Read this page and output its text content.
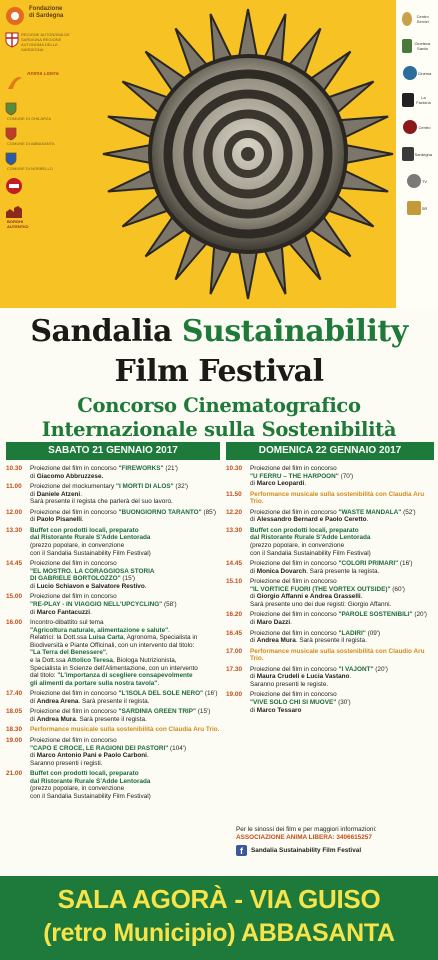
Fondazione
di Sardegna
REGIONE AUTONOMA DE SARDIGNA REGIONE AUTONOMA DELLA SARDEGNA
Anima Libera
COMUNE DI GHILARZA
COMUNE DI ABBASANTA
COMUNE DI NORBELLO
BORGHI AUTENTICI
Centro Servizi
Cineteca Sarda
Cinema
La Factoria
Centro
Sardegna
TV
SR
Sandalia Sustainability
Film Festival
Concorso Cinematografico
Internazionale sulla Sostenibilità
SABATO 21 GENNAIO 2017	DOMENICA 22 GENNAIO 2017
10.30	Proiezione del film in concorso "FIREWORKS" (21')
di Giacomo Abbruzzese.
11.00	Proiezione del mockumentary "I MORTI DI ALOS" (32')
di Daniele Atzeni.
Sarà presente il regista che parlerà del suo lavoro.
12.00	Proiezione del film in concorso "BUONGIORNO TARANTO" (85')
di Paolo Pisanelli.
13.30	Buffet con prodotti locali, preparato
dal Ristorante Rurale S'Adde Lentorada
(prezzo popolare, in convenzione
con il Sandalia Sustainability Film Festival)
14.45	Proiezione del film in concorso
"EL MOSTRO. LA CORAGGIOSA STORIA
DI GABRIELE BORTOLOZZO" (15')
di Lucio Schiavon e Salvatore Restivo.
15.00	Proiezione del film in concorso
"RE-PLAY - IN VIAGGIO NELL'UPCYCLING" (58')
di Marco Fantacuzzi.
16.00	Incontro-dibattito sul tema
"Agricoltura naturale, alimentazione e salute".
Relatrici: la Dott.ssa Luisa Carta, Agronoma, Specialista in
Biodiversità e Piante Officinali, con un intervento dal titolo:
"La Terra del Benessere",
e la Dott.ssa Attolico Teresa, Biologa Nutrizionista,
Specialista in Scienze dell'Alimentazione, con un intervento
dal titolo: "L'importanza di scegliere consapevolmente
gli alimenti da portare sulla nostra tavola".
17.40	Proiezione del film in concorso "L'ISOLA DEL SOLE NERO" (16')
di Andrea Arena. Sarà presente il regista.
18.05	Proiezione del film in concorso "SARDINIA GREEN TRIP" (15')
di Andrea Mura. Sarà presente il regista.
18.30	Performance musicale sulla sostenibilità con Claudia Aru Trio.
19.00	Proiezione del film in concorso
"CAPO E CROCE, LE RAGIONI DEI PASTORI" (104')
di Marco Antonio Pani e Paolo Carboni.
Saranno presenti i registi.
21.00	Buffet con prodotti locali, preparato
dal Ristorante Rurale S'Adde Lentorada
(prezzo popolare, in convenzione
con il Sandalia Sustainability Film Festival)
10.30	Proiezione del film in concorso
"U FERRU – THE HARPOON" (70')
di Marco Leopardi.
11.50	Performance musicale sulla sostenibilità con Claudia Aru Trio.
12.20	Proiezione del film in concorso "WASTE MANDALA" (52')
di Alessandro Bernard e Paolo Ceretto.
13.30	Buffet con prodotti locali, preparato
dal Ristorante Rurale S'Adde Lentorada
(prezzo popolare, in convenzione
con il Sandalia Sustainability Film Festival)
14.45	Proiezione del film in concorso "COLORI PRIMARI" (16')
di Monica Dovarch. Sarà presente la regista.
15.10	Proiezione del film in concorso
"IL VORTICE FUORI (THE VORTEX OUTSIDE)" (60')
di Giorgio Affanni e Andrea Grasselli.
Sarà presente uno dei due registi: Giorgio Affanni.
16.20	Proiezione del film in concorso "PAROLE SOSTENIBILI" (20')
di Maro Dazzi.
16.45	Proiezione del film in concorso "LADIRI" (09')
di Andrea Mura. Sarà presente il regista.
17.00	Performance musicale sulla sostenibilità con Claudio Aru Trio.
17.30	Proiezione del film in concorso "I VAJONT" (20')
di Maura Crudeli e Lucia Vastano.
Saranno presenti le registe.
19.00	Proiezione del film in concorso
"VIVE SOLO CHI SI MUOVE" (30')
di Marco Tessaro
Per le sinossi dei film e per maggiori informazioni:
ASSOCIAZIONE ANIMA LIBERA: 3406615257
f	Sandalia Sustainability Film Festival
SALA AGORÀ - VIA GUISO
(retro Municipio) ABBASANTA
